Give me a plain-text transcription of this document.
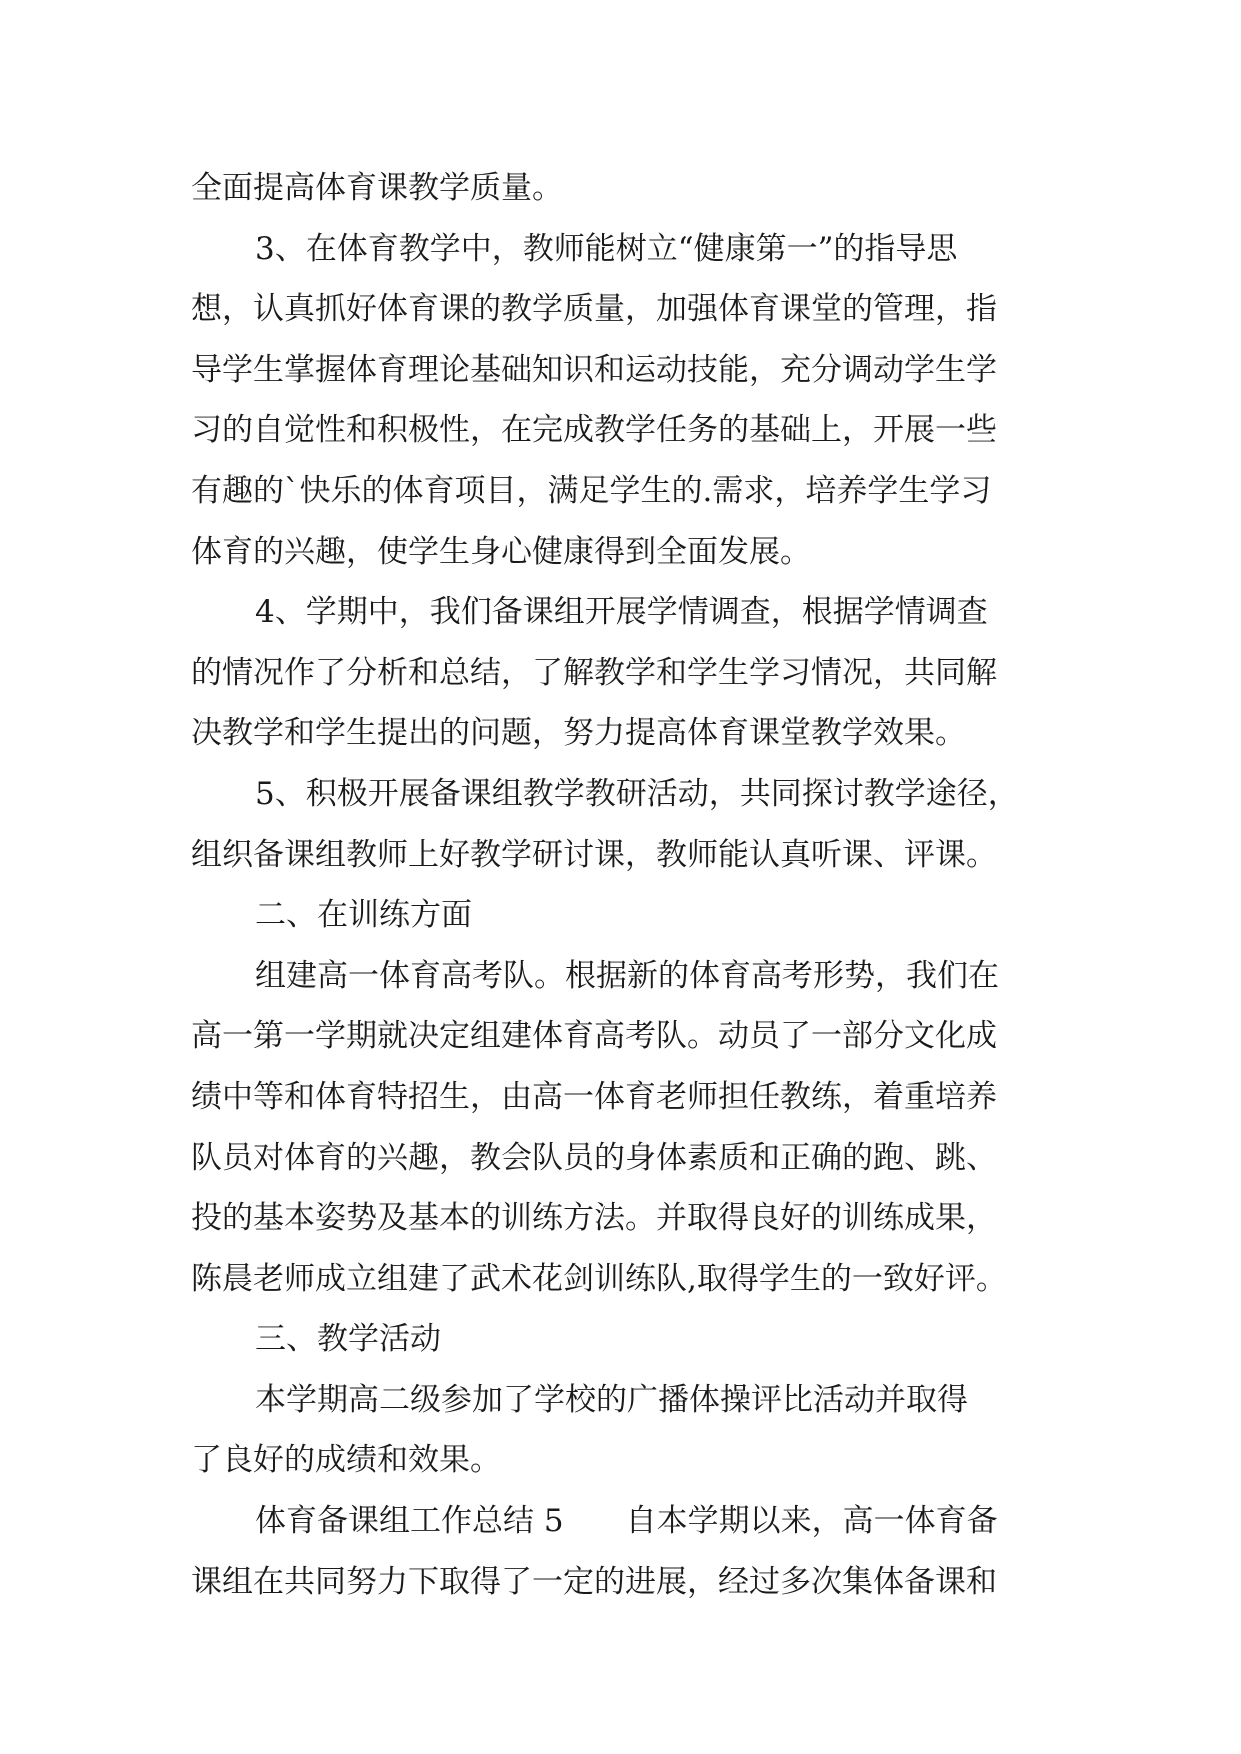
全面提高体育课教学质量。
3、在体育教学中，教师能树立“健康第一”的指导思
想，认真抓好体育课的教学质量，加强体育课堂的管理，指
导学生掌握体育理论基础知识和运动技能，充分调动学生学
习的自觉性和积极性，在完成教学任务的基础上，开展一些
有趣的`快乐的体育项目，满足学生的.需求，培养学生学习
体育的兴趣，使学生身心健康得到全面发展。
4、学期中，我们备课组开展学情调查，根据学情调查
的情况作了分析和总结，了解教学和学生学习情况，共同解
决教学和学生提出的问题，努力提高体育课堂教学效果。
5、积极开展备课组教学教研活动，共同探讨教学途径，
组织备课组教师上好教学研讨课，教师能认真听课、评课。
二、在训练方面
组建高一体育高考队。根据新的体育高考形势，我们在
高一第一学期就决定组建体育高考队。动员了一部分文化成
绩中等和体育特招生，由高一体育老师担任教练，着重培养
队员对体育的兴趣，教会队员的身体素质和正确的跑、跳、
投的基本姿势及基本的训练方法。并取得良好的训练成果，
陈晨老师成立组建了武术花剑训练队,取得学生的一致好评。
三、教学活动
本学期高二级参加了学校的广播体操评比活动并取得
了良好的成绩和效果。
体育备课组工作总结 5　　自本学期以来，高一体育备
课组在共同努力下取得了一定的进展，经过多次集体备课和
